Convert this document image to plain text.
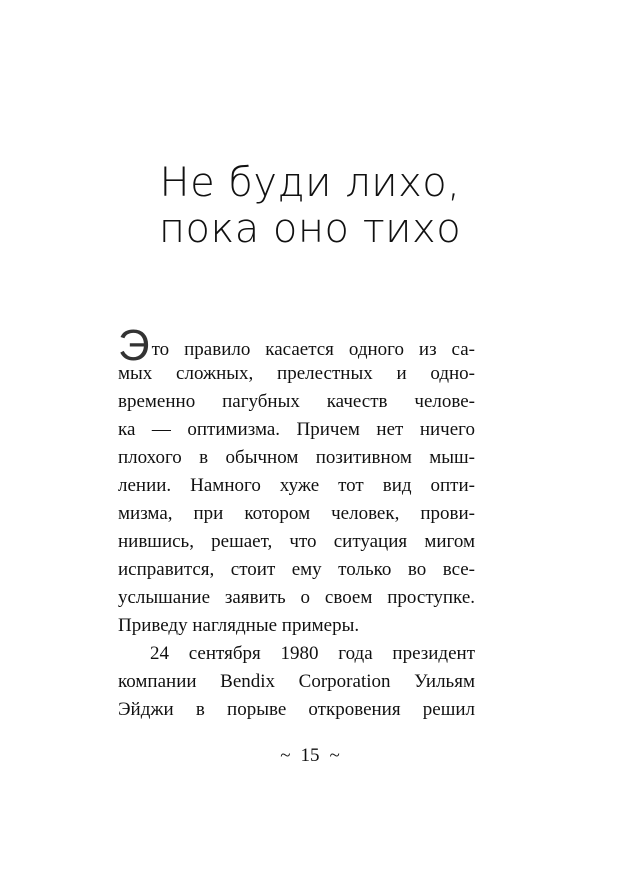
Не буди лихо,
пока оно тихо
Это правило касается одного из са-
мых сложных, прелестных и одно-
временно пагубных качеств челове-
ка — оптимизма. Причем нет ничего
плохого в обычном позитивном мыш-
лении. Намного хуже тот вид опти-
мизма, при котором человек, прови-
нившись, решает, что ситуация мигом
исправится, стоит ему только во все-
услышание заявить о своем проступке.
Приведу наглядные примеры.
24 сентября 1980 года президент
компании Bendix Corporation Уильям
Эйджи в порыве откровения решил
~ 15 ~
